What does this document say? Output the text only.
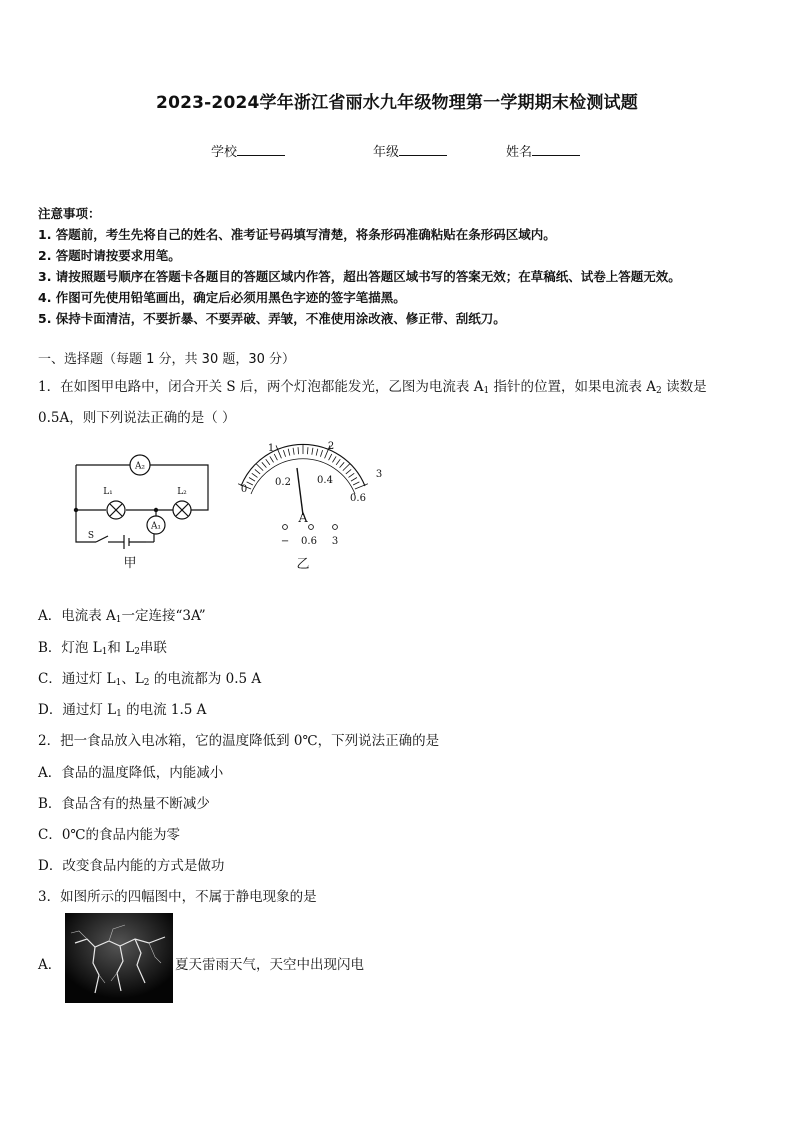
2023-2024学年浙江省丽水九年级物理第一学期期末检测试题
学校	年级	姓名
注意事项：
1. 答题前，考生先将自己的姓名、准考证号码填写清楚，将条形码准确粘贴在条形码区域内。
2. 答题时请按要求用笔。
3. 请按照题号顺序在答题卡各题目的答题区域内作答，超出答题区域书写的答案无效；在草稿纸、试卷上答题无效。
4. 作图可先使用铅笔画出，确定后必须用黑色字迹的签字笔描黑。
5. 保持卡面清洁，不要折暴、不要弄破、弄皱，不准使用涂改液、修正带、刮纸刀。
一、选择题（每题 1 分，共 30 题，30 分）
1．在如图甲电路中，闭合开关 S 后，两个灯泡都能发光，乙图为电流表 $A_1$ 指针的位置，如果电流表 $A_2$ 读数是
0.5A，则下列说法正确的是（ ）
A₂
A₁
L₁	L₂
S
甲
1	2
3
0
0.2	0.4
0.6
A
− 0.6 3
乙
A．电流表 $A_1$一定连接“3A”
B．灯泡 $L_1$和 $L_2$串联
C．通过灯 $L_1$、$L_2$ 的电流都为 0.5 A
D．通过灯 $L_1$ 的电流 1.5 A
2．把一食品放入电冰箱，它的温度降低到 0℃，下列说法正确的是
A．食品的温度降低，内能减小
B．食品含有的热量不断减少
C．0℃的食品内能为零
D．改变食品内能的方式是做功
3．如图所示的四幅图中，不属于静电现象的是
A．	夏天雷雨天气，天空中出现闪电
